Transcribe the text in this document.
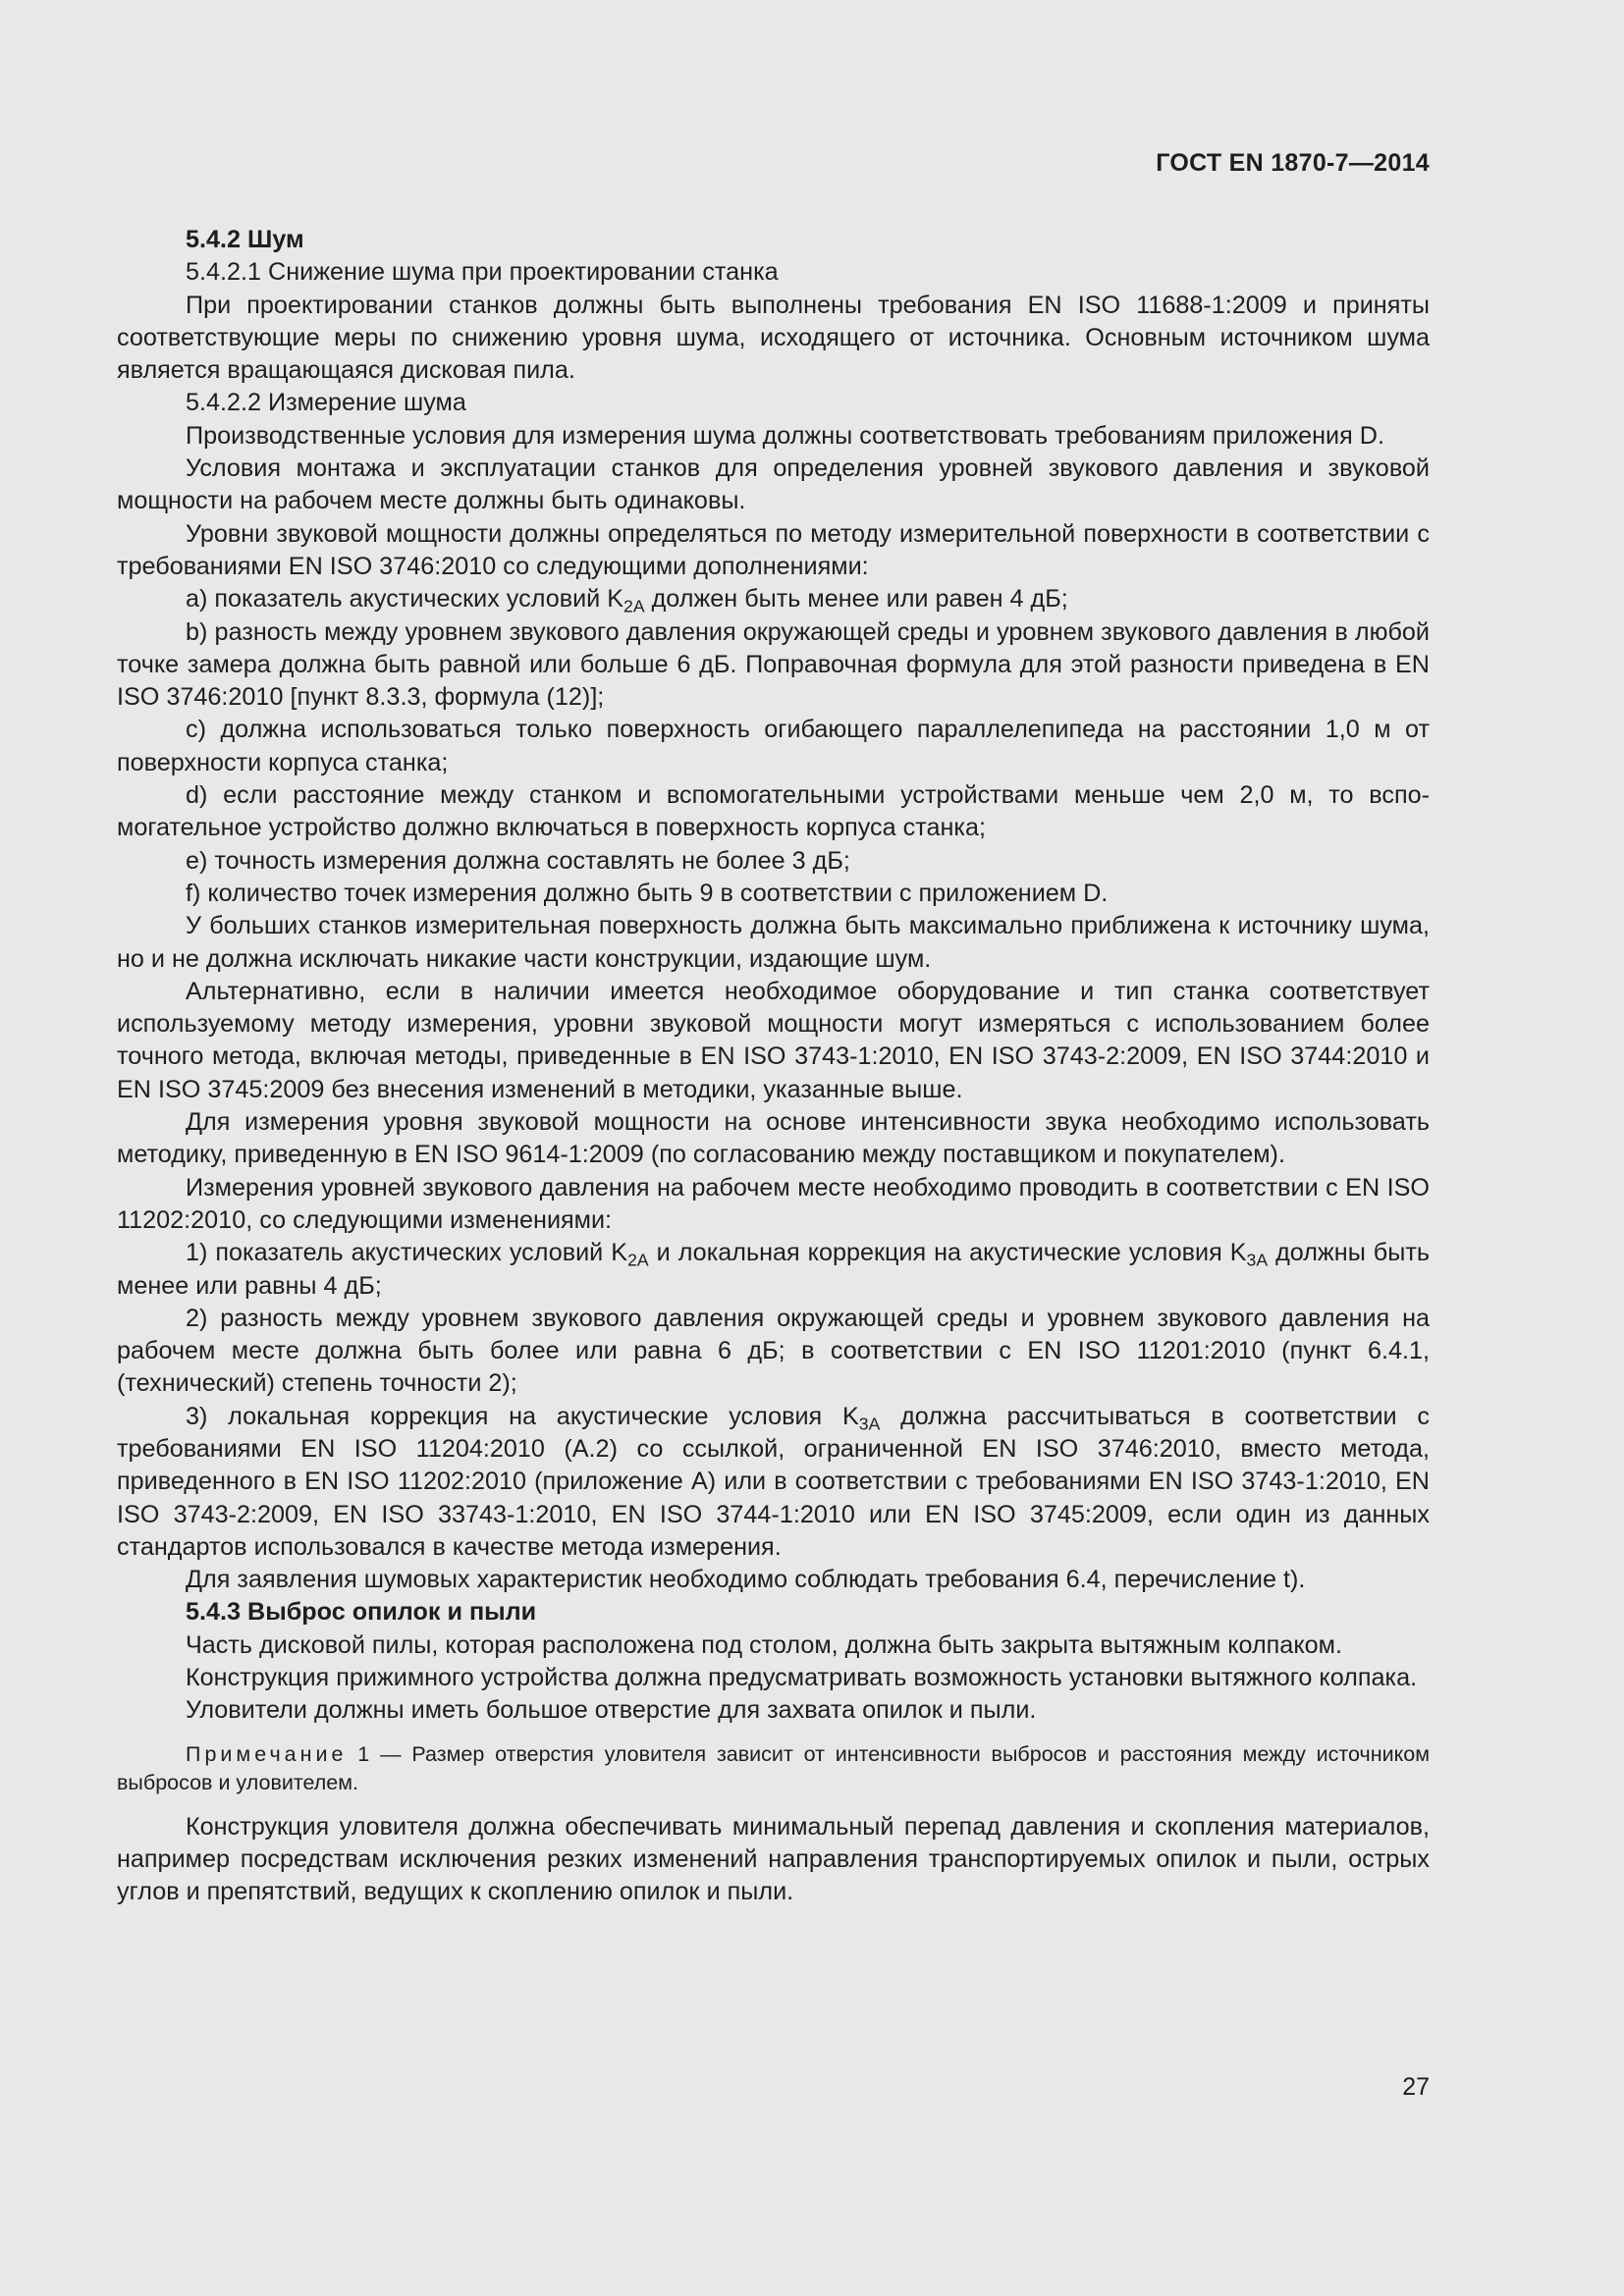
ГОСТ EN 1870-7—2014

5.4.2 Шум

5.4.2.1 Снижение шума при проектировании станка

При проектировании станков должны быть выполнены требования EN ISO 11688-1:2009 и приняты соответствующие меры по снижению уровня шума, исходящего от источника. Основным источником шума является вращающаяся дисковая пила.

5.4.2.2 Измерение шума

Производственные условия для измерения шума должны соответствовать требованиям приложения D.

Условия монтажа и эксплуатации станков для определения уровней звукового давления и звуковой мощности на рабочем месте должны быть одинаковы.

Уровни звуковой мощности должны определяться по методу измерительной поверхности в соответствии с требованиями EN ISO 3746:2010 со следующими дополнениями:

a) показатель акустических условий $K_{2A}$ должен быть менее или равен 4 дБ;

b) разность между уровнем звукового давления окружающей среды и уровнем звукового давления в любой точке замера должна быть равной или больше 6 дБ. Поправочная формула для этой разности приведена в EN ISO 3746:2010 [пункт 8.3.3, формула (12)];

c) должна использоваться только поверхность огибающего параллелепипеда на расстоянии 1,0 м от поверхности корпуса станка;

d) если расстояние между станком и вспомогательными устройствами меньше чем 2,0 м, то вспомогательное устройство должно включаться в поверхность корпуса станка;

e) точность измерения должна составлять не более 3 дБ;

f) количество точек измерения должно быть 9 в соответствии с приложением D.

У больших станков измерительная поверхность должна быть максимально приближена к источнику шума, но и не должна исключать никакие части конструкции, издающие шум.

Альтернативно, если в наличии имеется необходимое оборудование и тип станка соответствует используемому методу измерения, уровни звуковой мощности могут измеряться с использованием более точного метода, включая методы, приведенные в EN ISO 3743-1:2010, EN ISO 3743-2:2009, EN ISO 3744:2010 и EN ISO 3745:2009 без внесения изменений в методики, указанные выше.

Для измерения уровня звуковой мощности на основе интенсивности звука необходимо использовать методику, приведенную в EN ISO 9614-1:2009 (по согласованию между поставщиком и покупателем).

Измерения уровней звукового давления на рабочем месте необходимо проводить в соответствии с EN ISO 11202:2010, со следующими изменениями:

1) показатель акустических условий $K_{2A}$ и локальная коррекция на акустические условия $K_{3A}$ должны быть менее или равны 4 дБ;

2) разность между уровнем звукового давления окружающей среды и уровнем звукового давления на рабочем месте должна быть более или равна 6 дБ; в соответствии с EN ISO 11201:2010 (пункт 6.4.1, (технический) степень точности 2);

3) локальная коррекция на акустические условия $K_{3A}$ должна рассчитываться в соответствии с требованиями EN ISO 11204:2010 (A.2) со ссылкой, ограниченной EN ISO 3746:2010, вместо метода, приведенного в EN ISO 11202:2010 (приложение A) или в соответствии с требованиями EN ISO 3743-1:2010, EN ISO 3743-2:2009, EN ISO 33743-1:2010, EN ISO 3744-1:2010 или EN ISO 3745:2009, если один из данных стандартов использовался в качестве метода измерения.

Для заявления шумовых характеристик необходимо соблюдать требования 6.4, перечисление t).

5.4.3 Выброс опилок и пыли

Часть дисковой пилы, которая расположена под столом, должна быть закрыта вытяжным колпаком.

Конструкция прижимного устройства должна предусматривать возможность установки вытяжного колпака.

Уловители должны иметь большое отверстие для захвата опилок и пыли.

Примечание 1 — Размер отверстия уловителя зависит от интенсивности выбросов и расстояния между источником выбросов и уловителем.

Конструкция уловителя должна обеспечивать минимальный перепад давления и скопления материалов, например посредствам исключения резких изменений направления транспортируемых опилок и пыли, острых углов и препятствий, ведущих к скоплению опилок и пыли.

27
